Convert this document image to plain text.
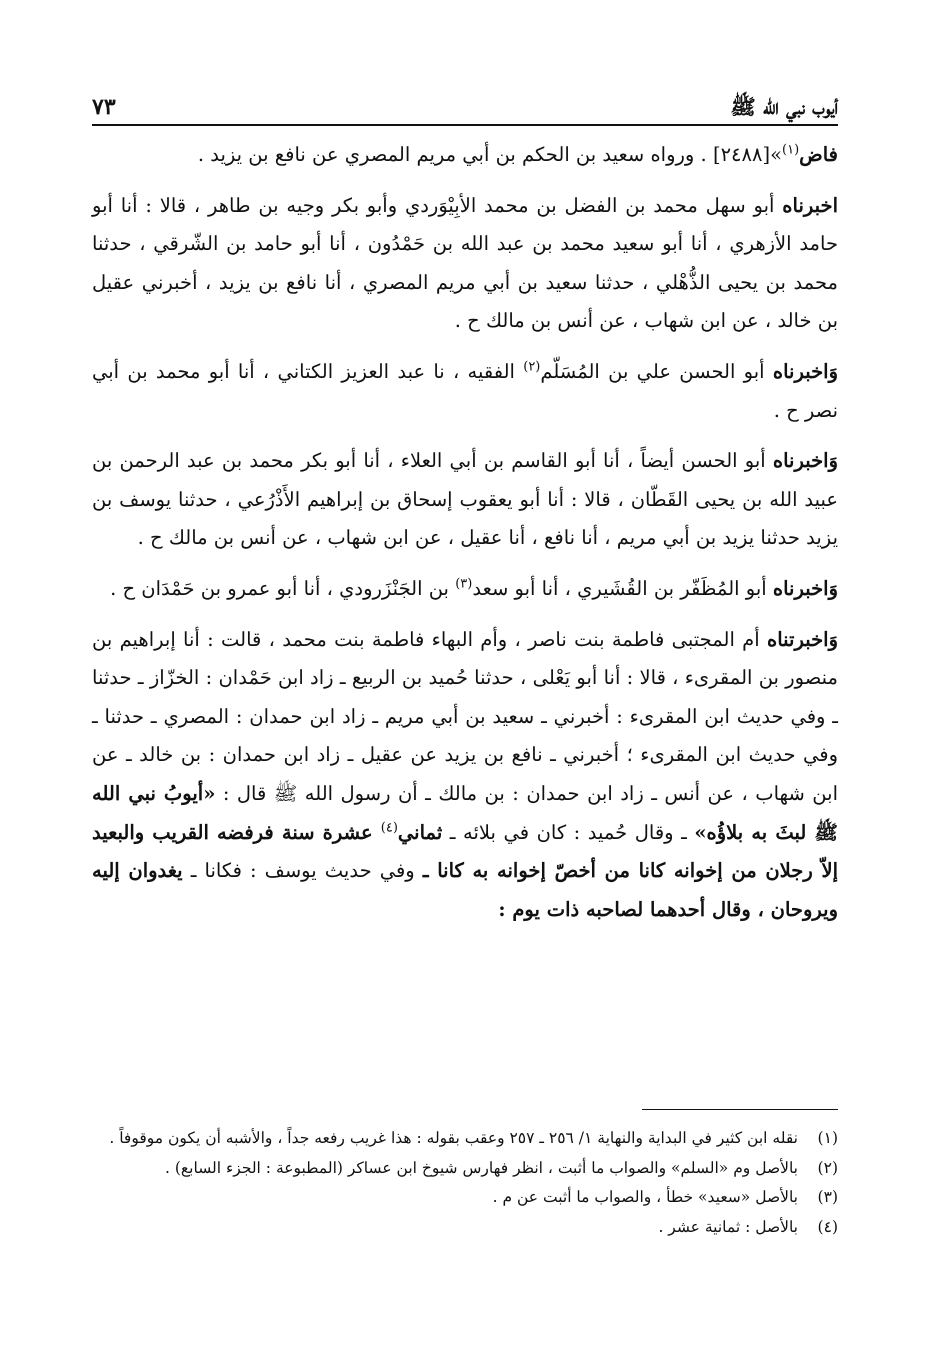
أيوب نبي الله ﷺ
٧٣

فاض$^{(١)}$»[٢٤٨٨] . ورواه سعيد بن الحكم بن أبي مريم المصري عن نافع بن يزيد .

اخبرناه أبو سهل محمد بن الفضل بن محمد الأبِيْوَردي وأبو بكر وجيه بن طاهر ، قالا : أنا أبو حامد الأزهري ، أنا أبو سعيد محمد بن عبد الله بن حَمْدُون ، أنا أبو حامد بن الشّرقي ، حدثنا محمد بن يحيى الذُّهْلي ، حدثنا سعيد بن أبي مريم المصري ، أنا نافع بن يزيد ، أخبرني عقيل بن خالد ، عن ابن شهاب ، عن أنس بن مالك ح .

وَاخبرناه أبو الحسن علي بن المُسَلّم$^{(٢)}$ الفقيه ، نا عبد العزيز الكتاني ، أنا أبو محمد بن أبي نصر ح .

وَاخبرناه أبو الحسن أيضاً ، أنا أبو القاسم بن أبي العلاء ، أنا أبو بكر محمد بن عبد الرحمن بن عبيد الله بن يحيى القَطّان ، قالا : أنا أبو يعقوب إسحاق بن إبراهيم الأَذْرُعي ، حدثنا يوسف بن يزيد حدثنا يزيد بن أبي مريم ، أنا نافع ، أنا عقيل ، عن ابن شهاب ، عن أنس بن مالك ح .

وَاخبرناه أبو المُظَفّر بن القُشَيري ، أنا أبو سعد$^{(٣)}$ بن الجَنْزَرودي ، أنا أبو عمرو بن حَمْدَان ح .

وَاخبرتناه أم المجتبى فاطمة بنت ناصر ، وأم البهاء فاطمة بنت محمد ، قالت : أنا إبراهيم بن منصور بن المقرىء ، قالا : أنا أبو يَعْلى ، حدثنا حُميد بن الربيع ـ زاد ابن حَمْدان : الخزّاز ـ حدثنا ـ وفي حديث ابن المقرىء : أخبرني ـ سعيد بن أبي مريم ـ زاد ابن حمدان : المصري ـ حدثنا ـ وفي حديث ابن المقرىء ؛ أخبرني ـ نافع بن يزيد عن عقيل ـ زاد ابن حمدان : بن خالد ـ عن ابن شهاب ، عن أنس ـ زاد ابن حمدان : بن مالك ـ أن رسول الله ﷺ قال : «أيوبُ نبي الله ﷺ لبثَ به بلاؤُه» ـ وقال حُميد : كان في بلائه ـ ثماني$^{(٤)}$ عشرة سنة فرفضه القريب والبعيد إلاّ رجلان من إخوانه كانا من أخصّ إخوانه به كانا ـ وفي حديث يوسف : فكانا ـ يغدوان إليه ويروحان ، وقال أحدهما لصاحبه ذات يوم :

(١)
نقله ابن كثير في البداية والنهاية ١/ ٢٥٦ ـ ٢٥٧ وعقب بقوله : هذا غريب رفعه جداً ، والأشبه أن يكون موقوفاً .
(٢)
بالأصل وم «السلم» والصواب ما أثبت ، انظر فهارس شيوخ ابن عساكر (المطبوعة : الجزء السابع) .
(٣)
بالأصل «سعيد» خطأ ، والصواب ما أثبت عن م .
(٤)
بالأصل : ثمانية عشر .
